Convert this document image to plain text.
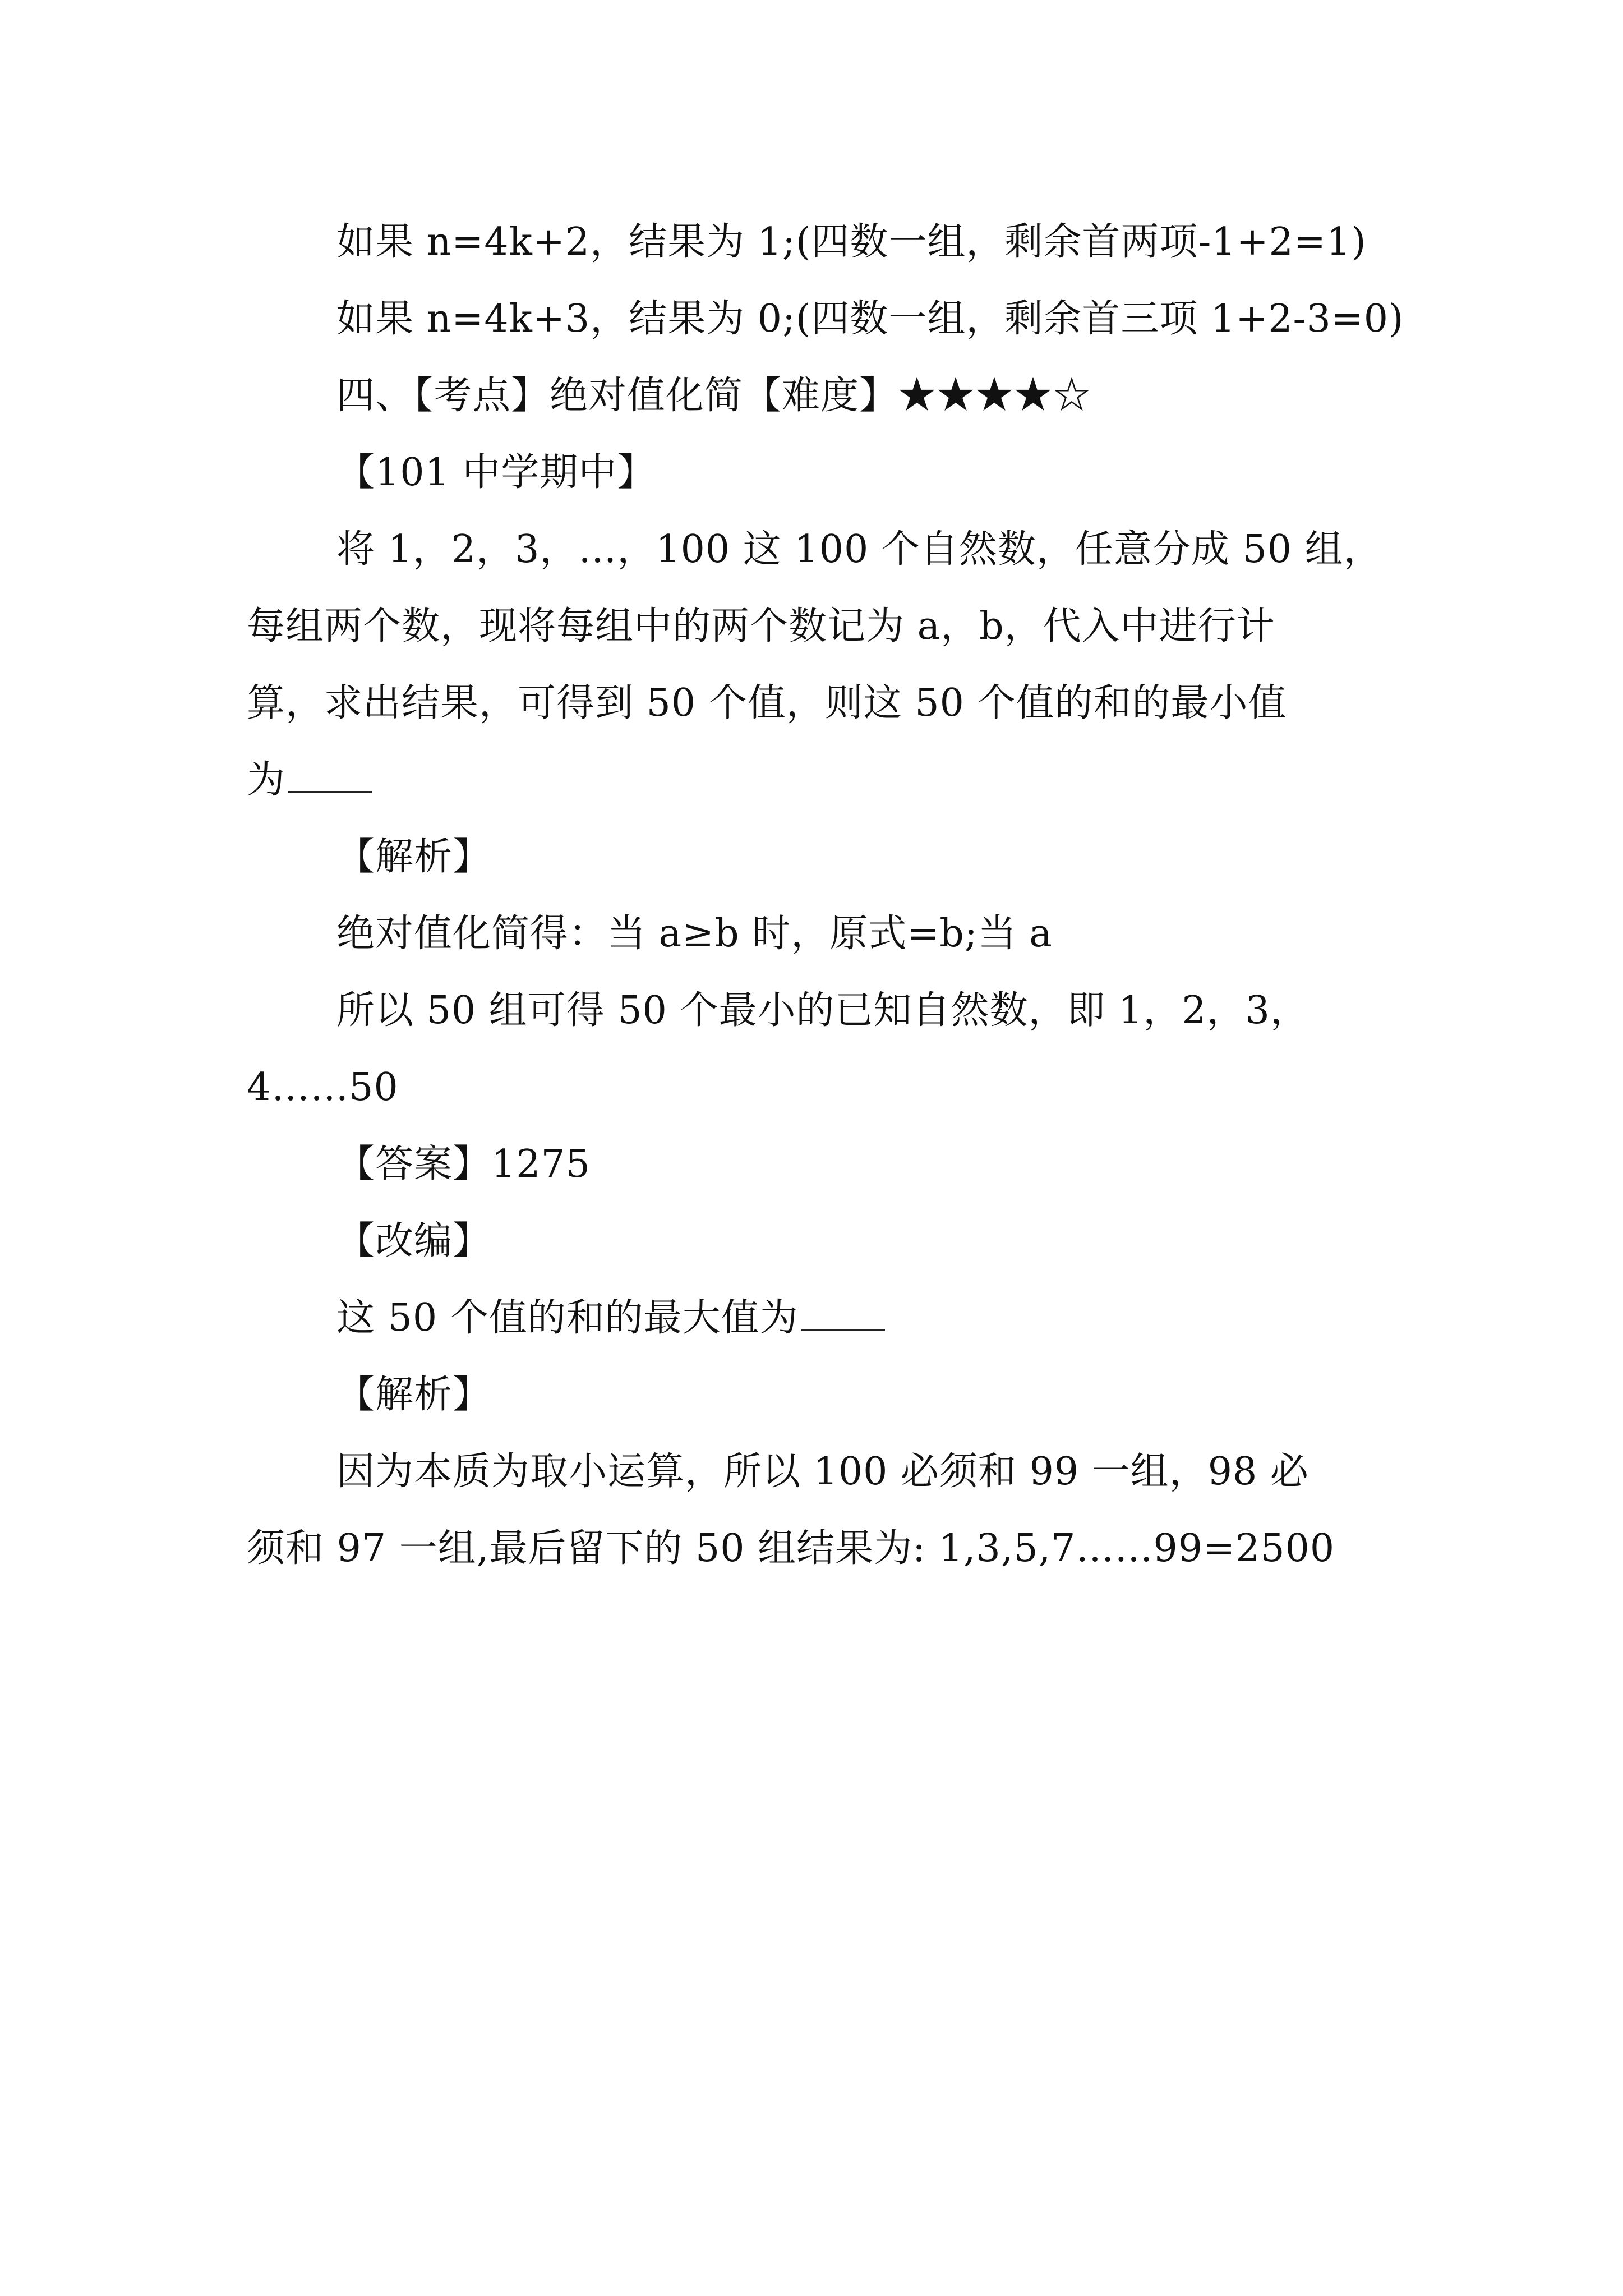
如果 n=4k+2，结果为 1;(四数一组，剩余首两项-1+2=1)
如果 n=4k+3，结果为 0;(四数一组，剩余首三项 1+2-3=0)
四、【考点】绝对值化简【难度】★★★★☆
【101 中学期中】
将 1，2，3，…，100 这 100 个自然数，任意分成 50 组，
每组两个数，现将每组中的两个数记为 a，b，代入中进行计
算，求出结果，可得到 50 个值，则这 50 个值的和的最小值
为
【解析】
绝对值化简得：当 a≥b 时，原式=b;当 a
所以 50 组可得 50 个最小的已知自然数，即 1，2，3，
4……50
【答案】1275
【改编】
这 50 个值的和的最大值为
【解析】
因为本质为取小运算，所以 100 必须和 99 一组，98 必
须和 97 一组,最后留下的 50 组结果为: 1,3,5,7……99=2500
